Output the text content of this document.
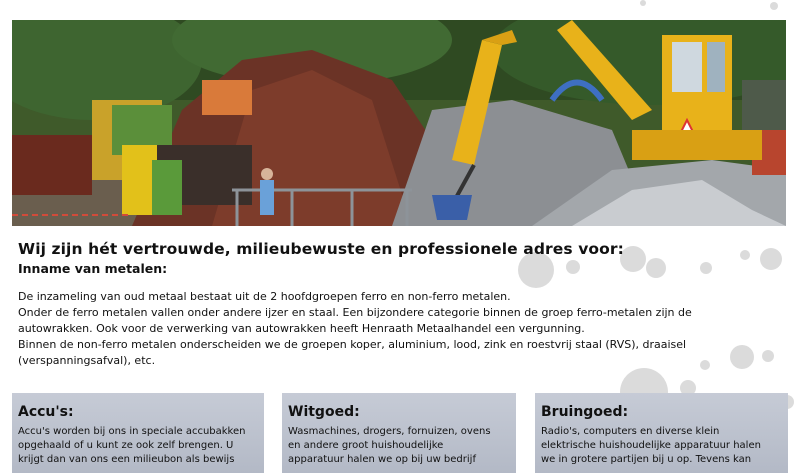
Wij zijn hét vertrouwde, milieubewuste en professionele adres voor:
Inname van metalen:

De inzameling van oud metaal bestaat uit de 2 hoofdgroepen ferro en non-ferro metalen.

Onder de ferro metalen vallen onder andere ijzer en staal. Een bijzondere categorie binnen de groep ferro-metalen zijn de

autowrakken. Ook voor de verwerking van autowrakken heeft Henraath Metaalhandel een vergunning.

Binnen de non-ferro metalen onderscheiden we de groepen koper, aluminium, lood, zink en roestvrij staal (RVS), draaisel

(verspanningsafval), etc.

Accu's:
Accu's worden bij ons in speciale accubakken
opgehaald of u kunt ze ook zelf brengen. U
krijgt dan van ons een milieubon als bewijs
Witgoed:
Wasmachines, drogers, fornuizen, ovens
en andere groot huishoudelijke
apparatuur halen we op bij uw bedrijf
Bruingoed:
Radio's, computers en diverse klein
elektrische huishoudelijke apparatuur halen
we in grotere partijen bij u op. Tevens kan
